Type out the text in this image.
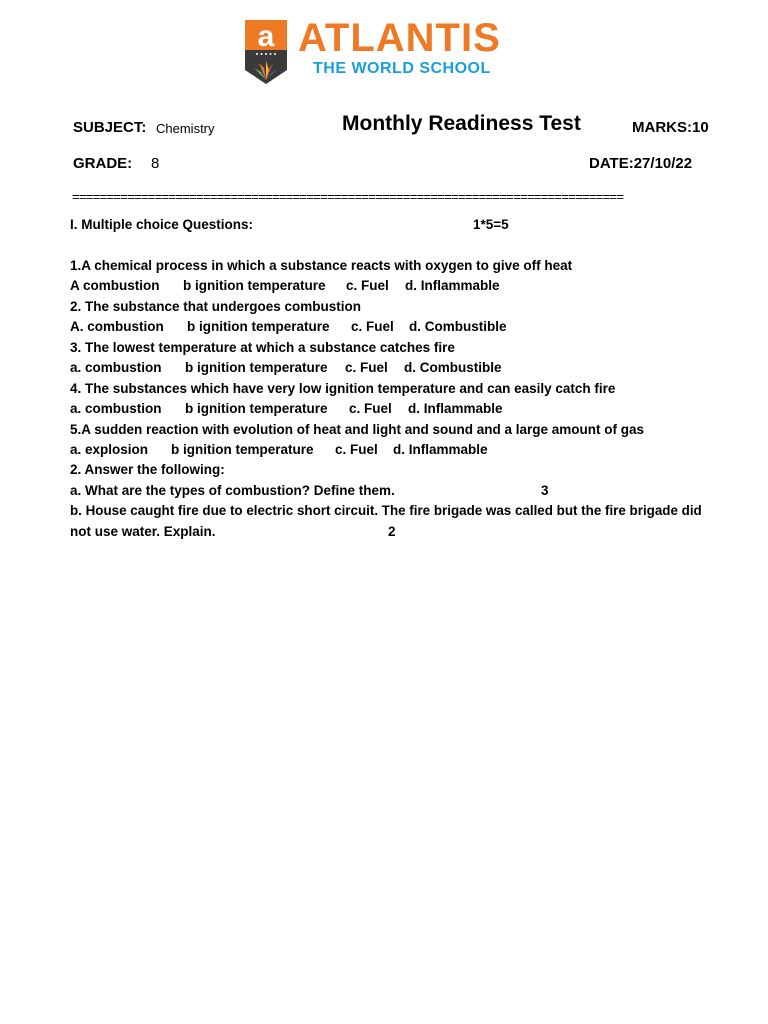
a ATLANTIS
THE WORLD SCHOOL
SUBJECT: Chemistry	Monthly Readiness Test	MARKS:10
GRADE: 8	DATE:27/10/22
================================================================================
I. Multiple choice Questions:	1*5=5
1.A chemical process in which a substance reacts with oxygen to give off heat
A combustion b ignition temperature c. Fuel d. Inflammable
2. The substance that undergoes combustion
A. combustion b ignition temperature c. Fuel d. Combustible
3. The lowest temperature at which a substance catches fire
a. combustion b ignition temperature c. Fuel d. Combustible
4. The substances which have very low ignition temperature and can easily catch fire
a. combustion b ignition temperature c. Fuel d. Inflammable
5.A sudden reaction with evolution of heat and light and sound and a large amount of gas
a. explosion b ignition temperature c. Fuel d. Inflammable
2. Answer the following:
a. What are the types of combustion? Define them.	3
b. House caught fire due to electric short circuit. The fire brigade was called but the fire brigade did
not use water. Explain.	2
